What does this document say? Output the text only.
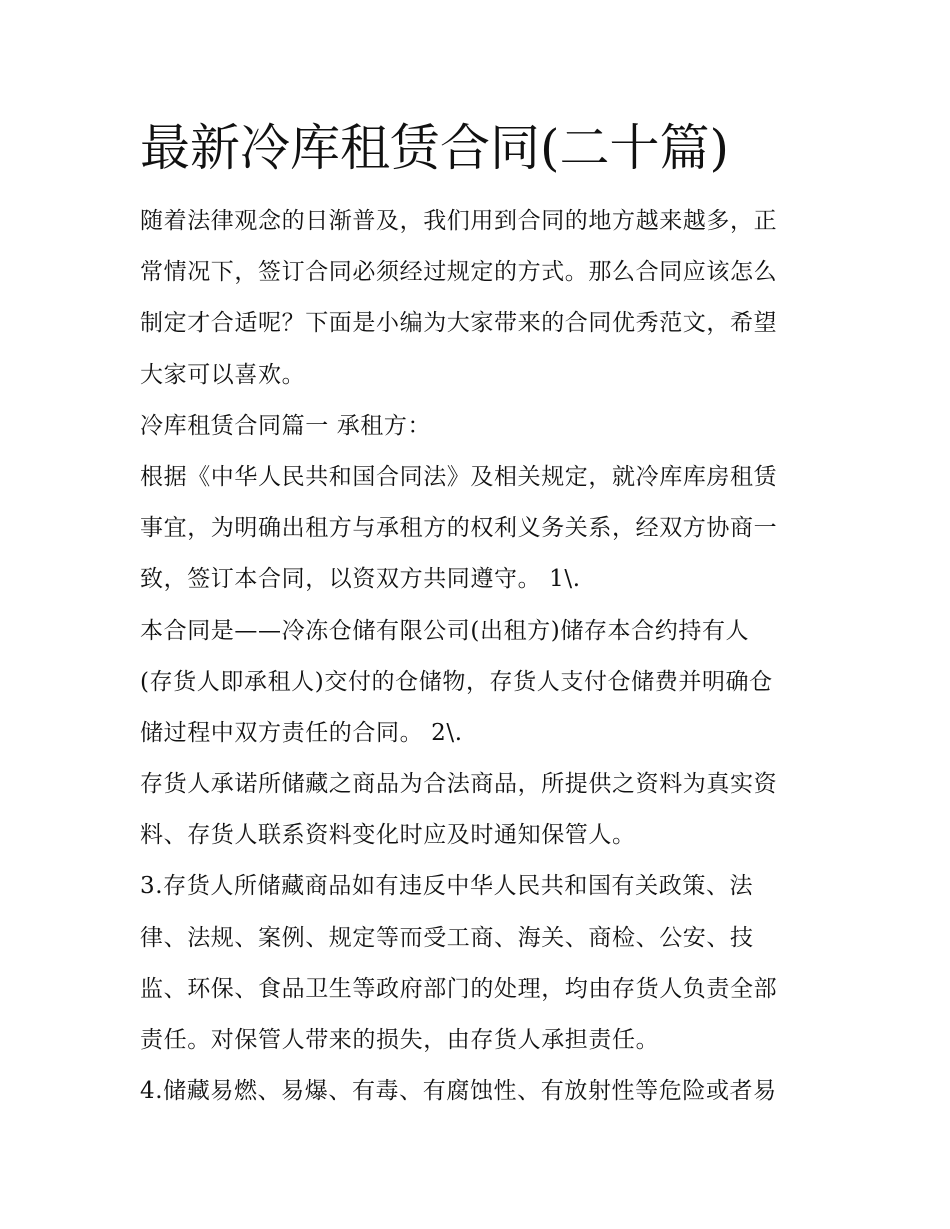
最新冷库租赁合同(二十篇)

随着法律观念的日渐普及，我们用到合同的地方越来越多，正
常情况下，签订合同必须经过规定的方式。那么合同应该怎么
制定才合适呢？下面是小编为大家带来的合同优秀范文，希望
大家可以喜欢。

冷库租赁合同篇一 承租方：

根据《中华人民共和国合同法》及相关规定，就冷库库房租赁
事宜，为明确出租方与承租方的权利义务关系，经双方协商一
致，签订本合同，以资双方共同遵守。 1\.

本合同是——冷冻仓储有限公司(出租方)储存本合约持有人
(存货人即承租人)交付的仓储物，存货人支付仓储费并明确仓
储过程中双方责任的合同。 2\.

存货人承诺所储藏之商品为合法商品，所提供之资料为真实资
料、存货人联系资料变化时应及时通知保管人。

3.存货人所储藏商品如有违反中华人民共和国有关政策、法
律、法规、案例、规定等而受工商、海关、商检、公安、技
监、环保、食品卫生等政府部门的处理，均由存货人负责全部
责任。对保管人带来的损失，由存货人承担责任。

4.储藏易燃、易爆、有毒、有腐蚀性、有放射性等危险或者易
